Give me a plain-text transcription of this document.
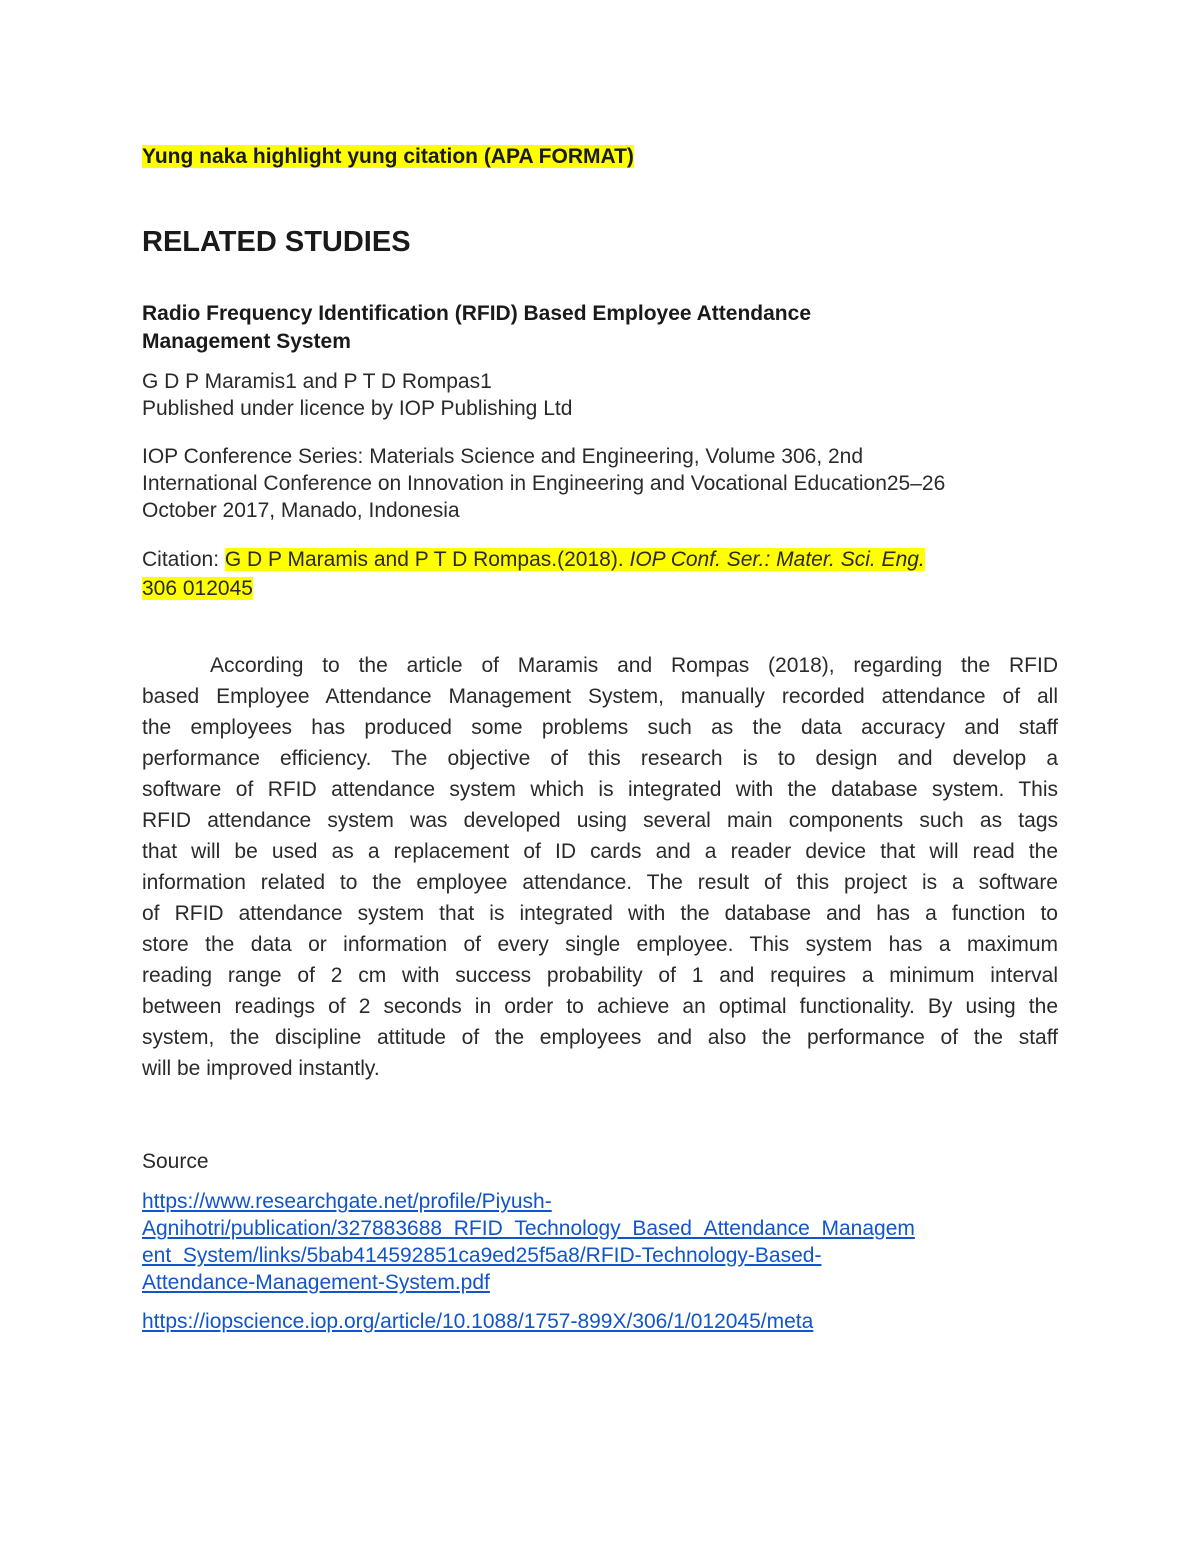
Yung naka highlight yung citation (APA FORMAT)

RELATED STUDIES
Radio Frequency Identification (RFID) Based Employee Attendance
Management System

G D P Maramis1 and P T D Rompas1
Published under licence by IOP Publishing Ltd

IOP Conference Series: Materials Science and Engineering, Volume 306, 2nd
International Conference on Innovation in Engineering and Vocational Education25–26
October 2017, Manado, Indonesia

Citation: G D P Maramis and P T D Rompas.(2018). IOP Conf. Ser.: Mater. Sci. Eng.
306 012045

According to the article of Maramis and Rompas (2018), regarding the RFID
based Employee Attendance Management System, manually recorded attendance of all
the employees has produced some problems such as the data accuracy and staff
performance efficiency. The objective of this research is to design and develop a
software of RFID attendance system which is integrated with the database system. This
RFID attendance system was developed using several main components such as tags
that will be used as a replacement of ID cards and a reader device that will read the
information related to the employee attendance. The result of this project is a software
of RFID attendance system that is integrated with the database and has a function to
store the data or information of every single employee. This system has a maximum
reading range of 2 cm with success probability of 1 and requires a minimum interval
between readings of 2 seconds in order to achieve an optimal functionality. By using the
system, the discipline attitude of the employees and also the performance of the staff
will be improved instantly.

Source

https://www.researchgate.net/profile/Piyush-
Agnihotri/publication/327883688_RFID_Technology_Based_Attendance_Managem
ent_System/links/5bab414592851ca9ed25f5a8/RFID-Technology-Based-
Attendance-Management-System.pdf
https://iopscience.iop.org/article/10.1088/1757-899X/306/1/012045/meta
